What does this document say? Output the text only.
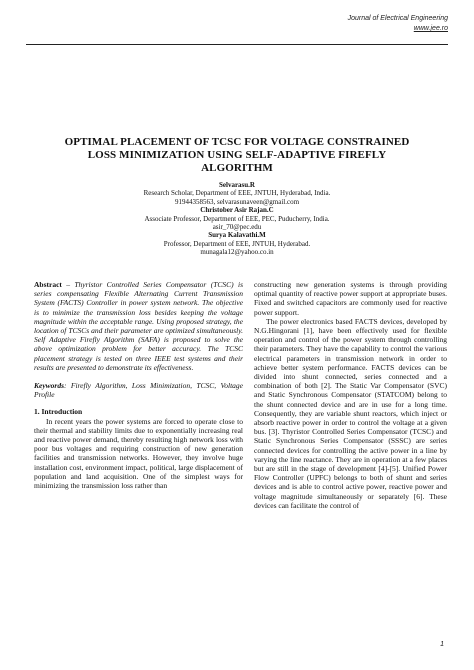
Journal of Electrical Engineering
www.jee.ro
OPTIMAL PLACEMENT OF TCSC FOR VOLTAGE CONSTRAINED LOSS MINIMIZATION USING SELF-ADAPTIVE FIREFLY ALGORITHM
Selvarasu.R
Research Scholar, Department of EEE, JNTUH, Hyderabad, India.
91944358563, selvarasunaveen@gmail.com
Christober Asir Rajan.C
Associate Professor, Department of EEE, PEC, Puducherry, India.
asir_70@pec.edu
Surya Kalavathi.M
Professor, Department of EEE, JNTUH, Hyderabad.
munagala12@yahoo.co.in

Abstract – Thyristor Controlled Series Compensator (TCSC) is series compensating Flexible Alternating Current Transmission System (FACTS) Controller in power system network. The objective is to minimize the transmission loss besides keeping the voltage magnitude within the acceptable range. Using proposed strategy, the location of TCSCs and their parameter are optimized simultaneously. Self Adaptive Firefly Algorithm (SAFA) is proposed to solve the above optimization problem for better accuracy. The TCSC placement strategy is tested on three IEEE test systems and their results are presented to demonstrate its effectiveness.

Keywords: Firefly Algorithm, Loss Minimization, TCSC, Voltage Profile

1. Introduction

In recent years the power systems are forced to operate close to their thermal and stability limits due to exponentially increasing real and reactive power demand, thereby resulting high network loss with poor bus voltages and requiring construction of new generation facilities and transmission networks. However, they involve huge installation cost, environment impact, political, large displacement of population and land acquisition. One of the simplest ways for minimizing the transmission loss rather than

constructing new generation systems is through providing optimal quantity of reactive power support at appropriate buses. Fixed and switched capacitors are commonly used for reactive power support.

The power electronics based FACTS devices, developed by N.G.Hingorani [1], have been effectively used for flexible operation and control of the power system through controlling their parameters. They have the capability to control the various electrical parameters in transmission network in order to achieve better system performance. FACTS devices can be divided into shunt connected, series connected and a combination of both [2]. The Static Var Compensator (SVC) and Static Synchronous Compensator (STATCOM) belong to the shunt connected device and are in use for a long time. Consequently, they are variable shunt reactors, which inject or absorb reactive power in order to control the voltage at a given bus. [3]. Thyristor Controlled Series Compensator (TCSC) and Static Synchronous Series Compensator (SSSC) are series connected devices for controlling the active power in a line by varying the line reactance. They are in operation at a few places but are still in the stage of development [4]-[5]. Unified Power Flow Controller (UPFC) belongs to both of shunt and series devices and is able to control active power, reactive power and voltage magnitude simultaneously or separately [6]. These devices can facilitate the control of

1
